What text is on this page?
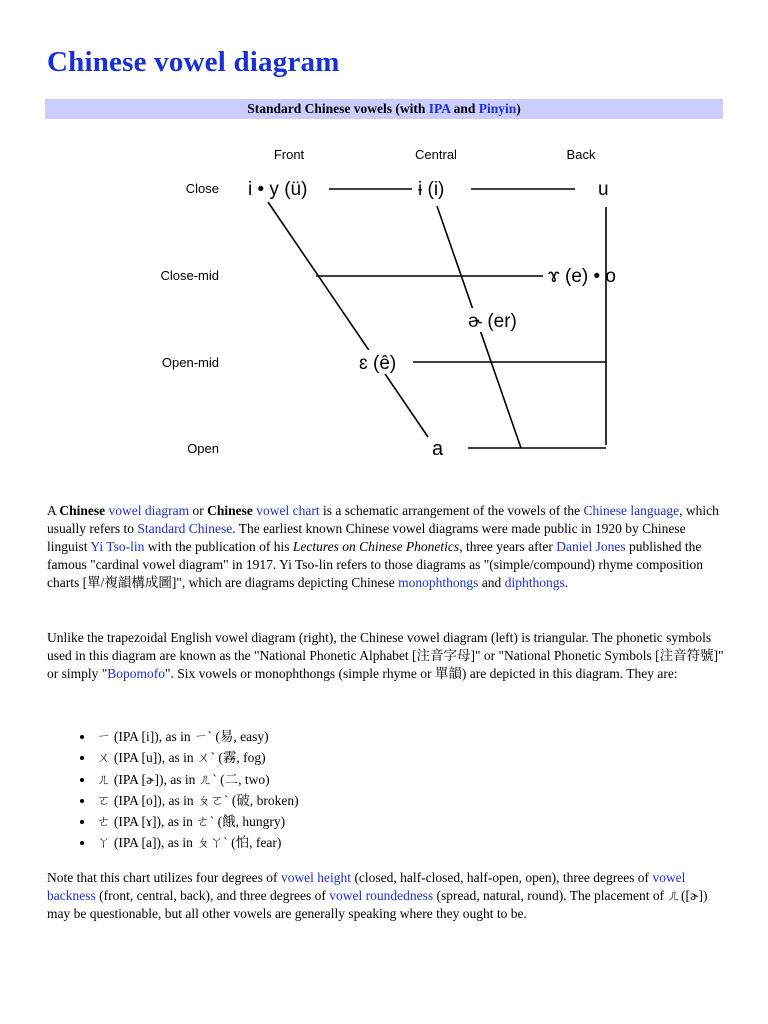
Chinese vowel diagram
Standard Chinese vowels (with IPA and Pinyin)
Front	Central	Back
Close
Close-mid
Open-mid
Open
i • y (ü)	ɨ (i)	u
ɤ (e) • o
ɚ (er)
ɛ (ê)
a
A Chinese vowel diagram or Chinese vowel chart is a schematic arrangement of the vowels of the Chinese language, which usually refers to Standard Chinese. The earliest known Chinese vowel diagrams were made public in 1920 by Chinese linguist Yi Tso-lin with the publication of his Lectures on Chinese Phonetics, three years after Daniel Jones published the famous "cardinal vowel diagram" in 1917. Yi Tso-lin refers to those diagrams as "(simple/compound) rhyme composition charts [單/複韻構成圖]", which are diagrams depicting Chinese monophthongs and diphthongs.
Unlike the trapezoidal English vowel diagram (right), the Chinese vowel diagram (left) is triangular. The phonetic symbols used in this diagram are known as the "National Phonetic Alphabet [注音字母]" or "National Phonetic Symbols [注音符號]" or simply "Bopomofo". Six vowels or monophthongs (simple rhyme or 單韻) are depicted in this diagram. They are:
• ㄧ (IPA [i]), as in ㄧˋ (易, easy)
• ㄨ (IPA [u]), as in ㄨˋ (霧, fog)
• ㄦ (IPA [ɚ]), as in ㄦˋ (二, two)
• ㄛ (IPA [o]), as in ㄆㄛˋ (破, broken)
• ㄜ (IPA [ɤ]), as in ㄜˋ (餓, hungry)
• ㄚ (IPA [a]), as in ㄆㄚˋ (怕, fear)
Note that this chart utilizes four degrees of vowel height (closed, half-closed, half-open, open), three degrees of vowel backness (front, central, back), and three degrees of vowel roundedness (spread, natural, round). The placement of ㄦ([ɚ]) may be questionable, but all other vowels are generally speaking where they ought to be.
